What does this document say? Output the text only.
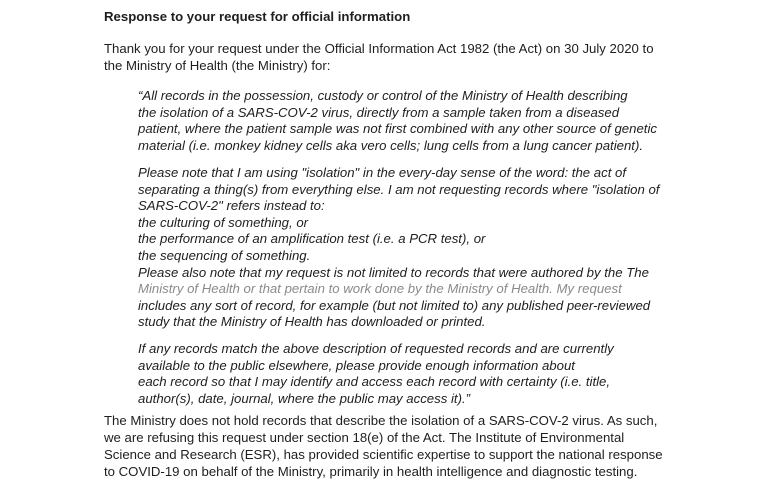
Response to your request for official information
Thank you for your request under the Official Information Act 1982 (the Act) on 30 July 2020 to
the Ministry of Health (the Ministry) for:
“All records in the possession, custody or control of the Ministry of Health describing
the isolation of a SARS-COV-2 virus, directly from a sample taken from a diseased
patient, where the patient sample was not first combined with any other source of genetic
material (i.e. monkey kidney cells aka vero cells; lung cells from a lung cancer patient).
Please note that I am using "isolation" in the every-day sense of the word: the act of
separating a thing(s) from everything else. I am not requesting records where "isolation of
SARS-COV-2" refers instead to:
the culturing of something, or
the performance of an amplification test (i.e. a PCR test), or
the sequencing of something.
Please also note that my request is not limited to records that were authored by the The
Ministry of Health or that pertain to work done by the Ministry of Health. My request
includes any sort of record, for example (but not limited to) any published peer-reviewed
study that the Ministry of Health has downloaded or printed.
If any records match the above description of requested records and are currently
available to the public elsewhere, please provide enough information about
each record so that I may identify and access each record with certainty (i.e. title,
author(s), date, journal, where the public may access it).”
The Ministry does not hold records that describe the isolation of a SARS-COV-2 virus. As such,
we are refusing this request under section 18(e) of the Act. The Institute of Environmental
Science and Research (ESR), has provided scientific expertise to support the national response
to COVID-19 on behalf of the Ministry, primarily in health intelligence and diagnostic testing.
